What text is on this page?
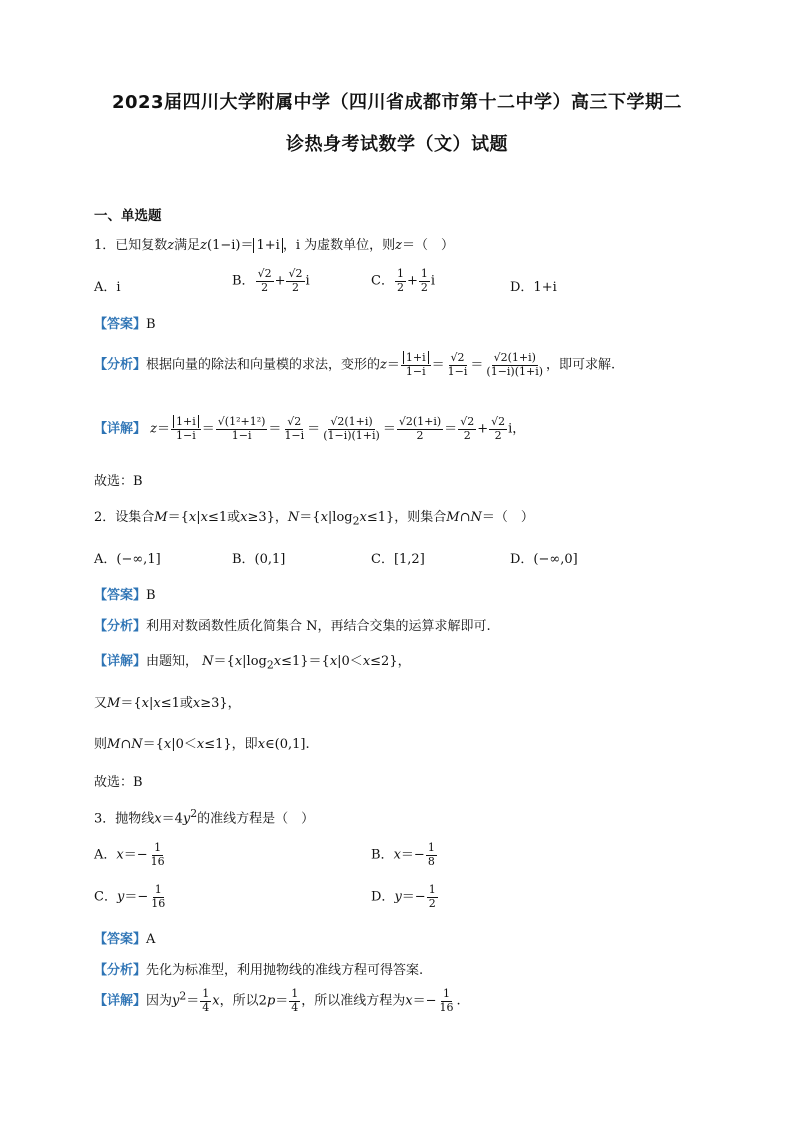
2023届四川大学附属中学（四川省成都市第十二中学）高三下学期二
诊热身考试数学（文）试题
一、单选题
1．已知复数z满足z(1−i)＝ 1+i ，i 为虚数单位，则z＝（　）
A．i	B． $\frac{√2}{2} + \frac{√2}{2}$ i	C． $\frac{1}{2} + \frac{1}{2}$ i	D．1+i
【答案】B
【分析】根据向量的除法和向量模的求法，变形的$z= \frac{1+i}{1-i} = \frac{√2}{1-i} = \frac{√2(1+i)}{(1-i)(1+i)}$ ，即可求解.
【详解】 $z= \frac{1+i}{1-i} = \frac{\text{√(1²+1²)}}{1-i} = \frac{√2}{1-i} = \frac{√2(1+i)}{(1-i)(1+i)} = \frac{√2(1+i)}{2} = \frac{√2}{2} + \frac{√2}{2}$ i，
故选：B
2．设集合M＝{x|x≤1或x≥3}，$N=\{x|\log_2x\le 1\}$，则集合M∩N＝（　）
A．(−∞,1]	B．(0,1]	C．[1,2]	D．(−∞,0]
【答案】B
【分析】利用对数函数性质化简集合 N，再结合交集的运算求解即可.
【详解】由题知， $N=\{x|\log_2x\le 1\}=\{x|0<x\le 2\}$，
又M＝{x|x≤1或x≥3}，
则M∩N＝{x|0＜x≤1}，即x∈(0,1].
故选：B
3．抛物线$x=4y^2$的准线方程是（　）
A．$x=- \frac{1}{16}$	B．$x=- \frac{1}{8}$
C．$y=- \frac{1}{16}$	D．$y=- \frac{1}{2}$
【答案】A
【分析】先化为标准型，利用抛物线的准线方程可得答案.
【详解】因为$y^2= \frac{1}{4}$ x，所以$2p= \frac{1}{4}$ ，所以准线方程为$x=- \frac{1}{16}$ .
